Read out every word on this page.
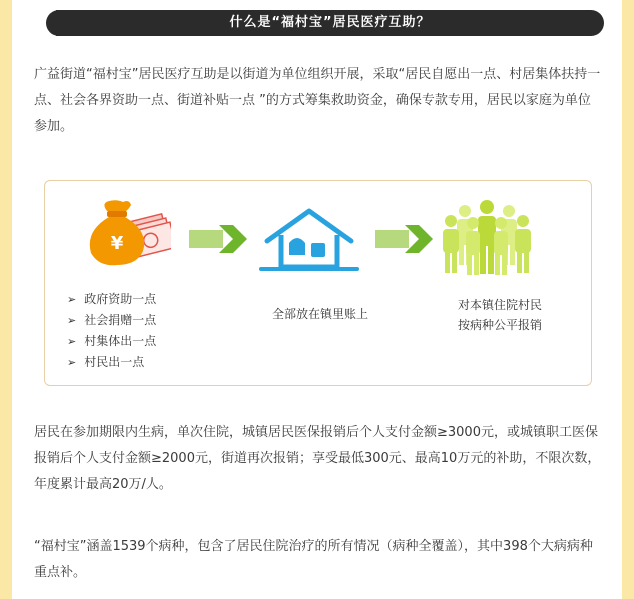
什么是“福村宝”居民医疗互助？
广益街道“福村宝”居民医疗互助是以街道为单位组织开展，采取“居民自愿出一点、村居集体扶持一点、社会各界资助一点、街道补贴一点 ”的方式筹集救助资金，确保专款专用，居民以家庭为单位参加。
¥
➢ 政府资助一点
➢ 社会捐赠一点
➢ 村集体出一点
➢ 村民出一点
全部放在镇里账上
对本镇住院村民
按病种公平报销
居民在参加期限内生病，单次住院，城镇居民医保报销后个人支付金额≥3000元，或城镇职工医保报销后个人支付金额≥2000元，街道再次报销；享受最低300元、最高10万元的补助，不限次数，年度累计最高20万/人。
“福村宝”涵盖1539个病种，包含了居民住院治疗的所有情况（病种全覆盖），其中398个大病病种重点补。
